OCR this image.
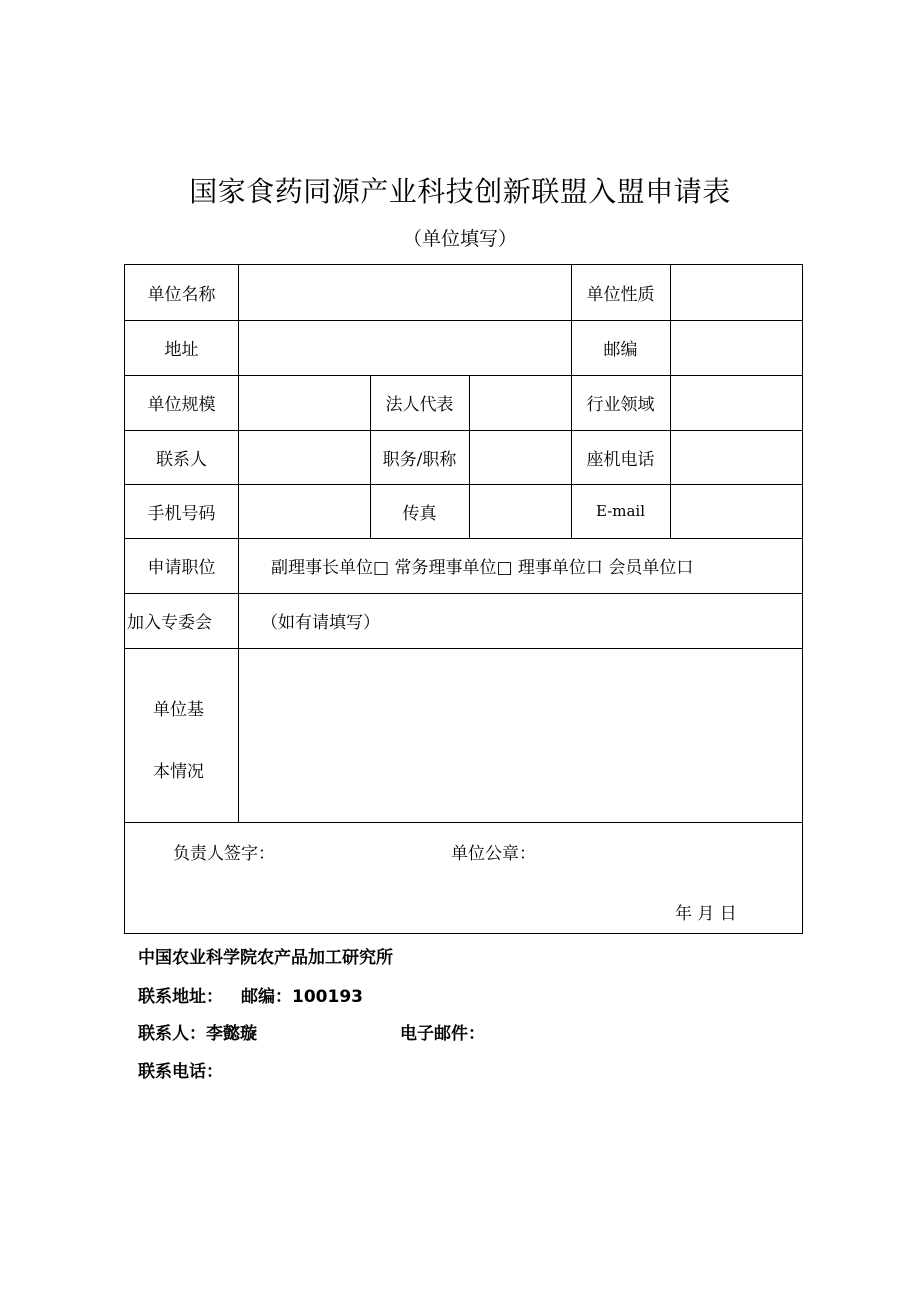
国家食药同源产业科技创新联盟入盟申请表
（单位填写）
单位名称	单位性质
地址	邮编
单位规模	法人代表	行业领域
联系人	职务/职称	座机电话
手机号码	传真	E-mail
申请职位	副理事长单位□ 常务理事单位□ 理事单位口 会员单位口
加入专委会	（如有请填写）
单位基
本情况
负责人签字：	单位公章：
年 月 日
中国农业科学院农产品加工研究所
联系地址： 邮编：100193
联系人：李懿璇	电子邮件：
联系电话：
